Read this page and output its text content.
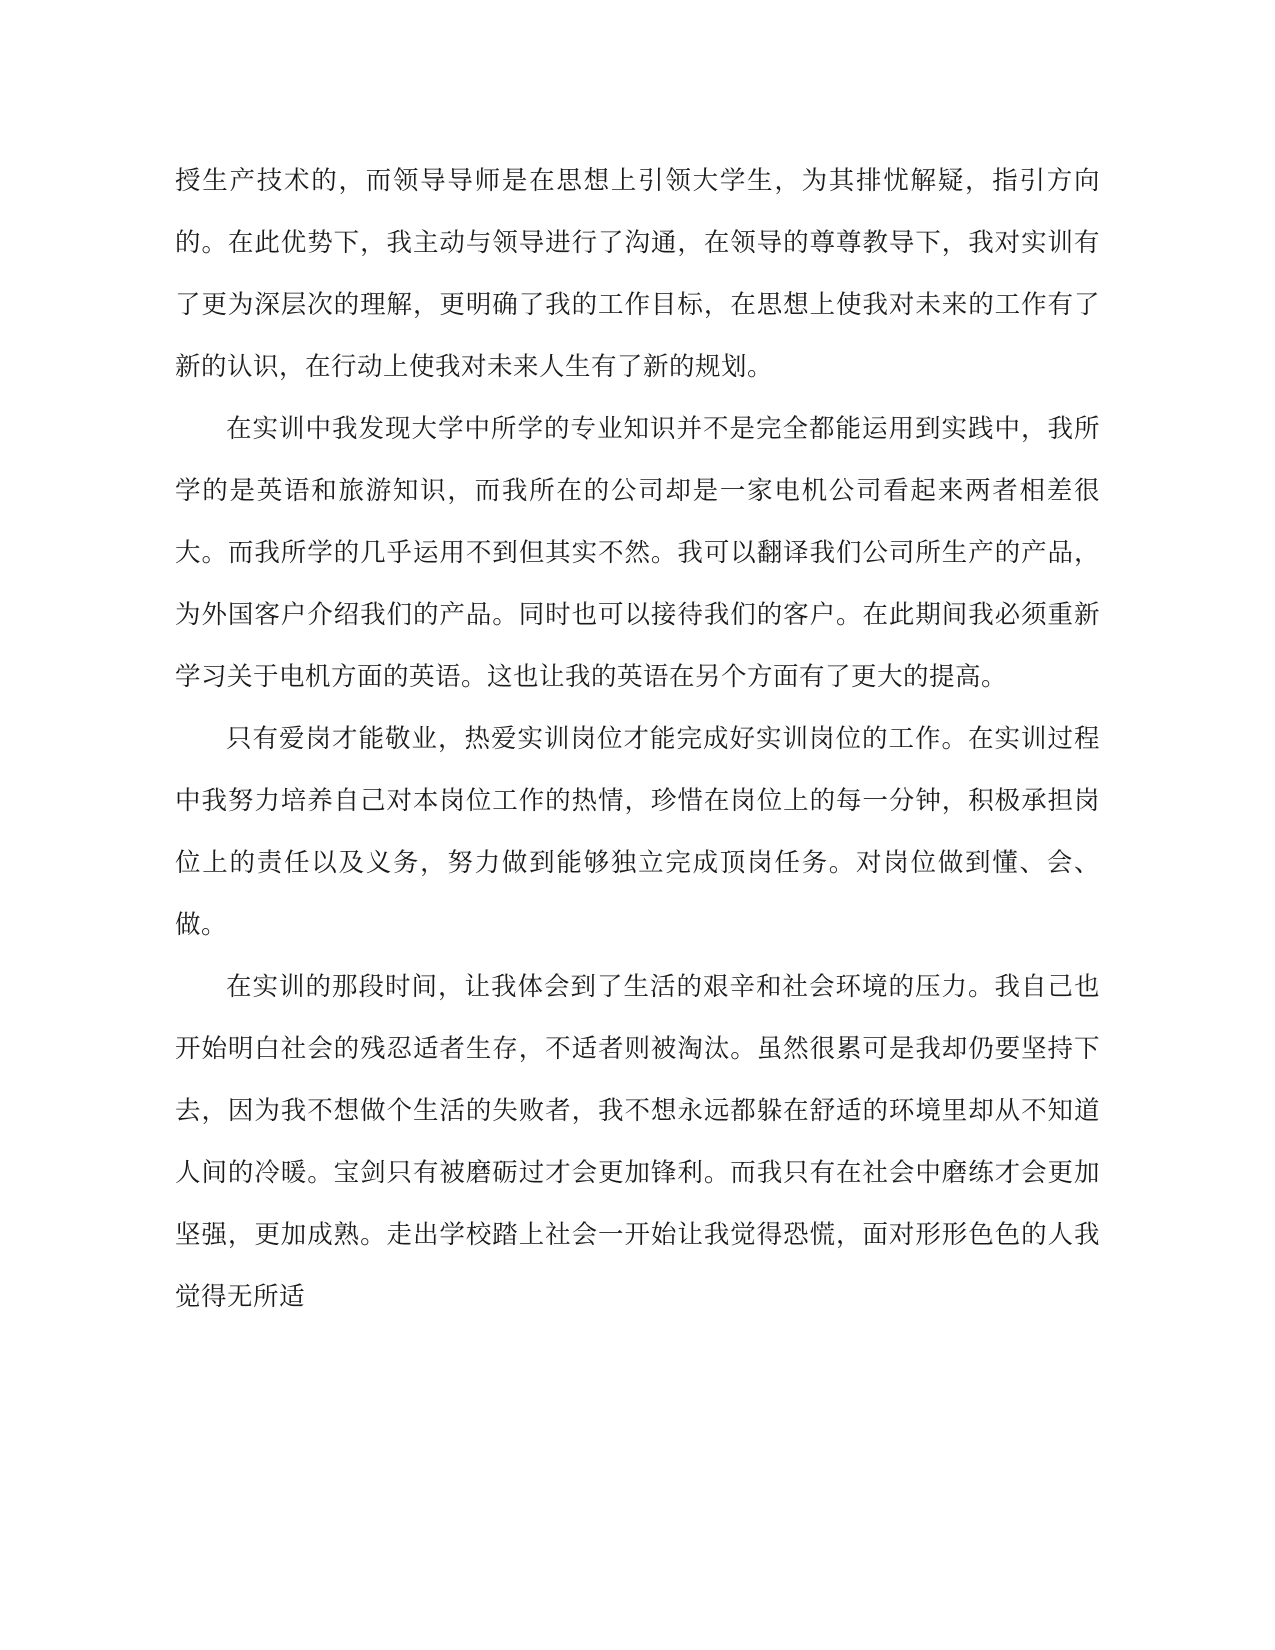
授生产技术的，而领导导师是在思想上引领大学生，为其排忧解疑，指引方向的。在此优势下，我主动与领导进行了沟通，在领导的尊尊教导下，我对实训有了更为深层次的理解，更明确了我的工作目标，在思想上使我对未来的工作有了新的认识，在行动上使我对未来人生有了新的规划。

在实训中我发现大学中所学的专业知识并不是完全都能运用到实践中，我所学的是英语和旅游知识，而我所在的公司却是一家电机公司看起来两者相差很大。而我所学的几乎运用不到但其实不然。我可以翻译我们公司所生产的产品，为外国客户介绍我们的产品。同时也可以接待我们的客户。在此期间我必须重新学习关于电机方面的英语。这也让我的英语在另个方面有了更大的提高。

只有爱岗才能敬业，热爱实训岗位才能完成好实训岗位的工作。在实训过程中我努力培养自己对本岗位工作的热情，珍惜在岗位上的每一分钟，积极承担岗位上的责任以及义务，努力做到能够独立完成顶岗任务。对岗位做到懂、会、做。

在实训的那段时间，让我体会到了生活的艰辛和社会环境的压力。我自己也开始明白社会的残忍适者生存，不适者则被淘汰。虽然很累可是我却仍要坚持下去，因为我不想做个生活的失败者，我不想永远都躲在舒适的环境里却从不知道人间的冷暖。宝剑只有被磨砺过才会更加锋利。而我只有在社会中磨练才会更加坚强，更加成熟。走出学校踏上社会一开始让我觉得恐慌，面对形形色色的人我觉得无所适
